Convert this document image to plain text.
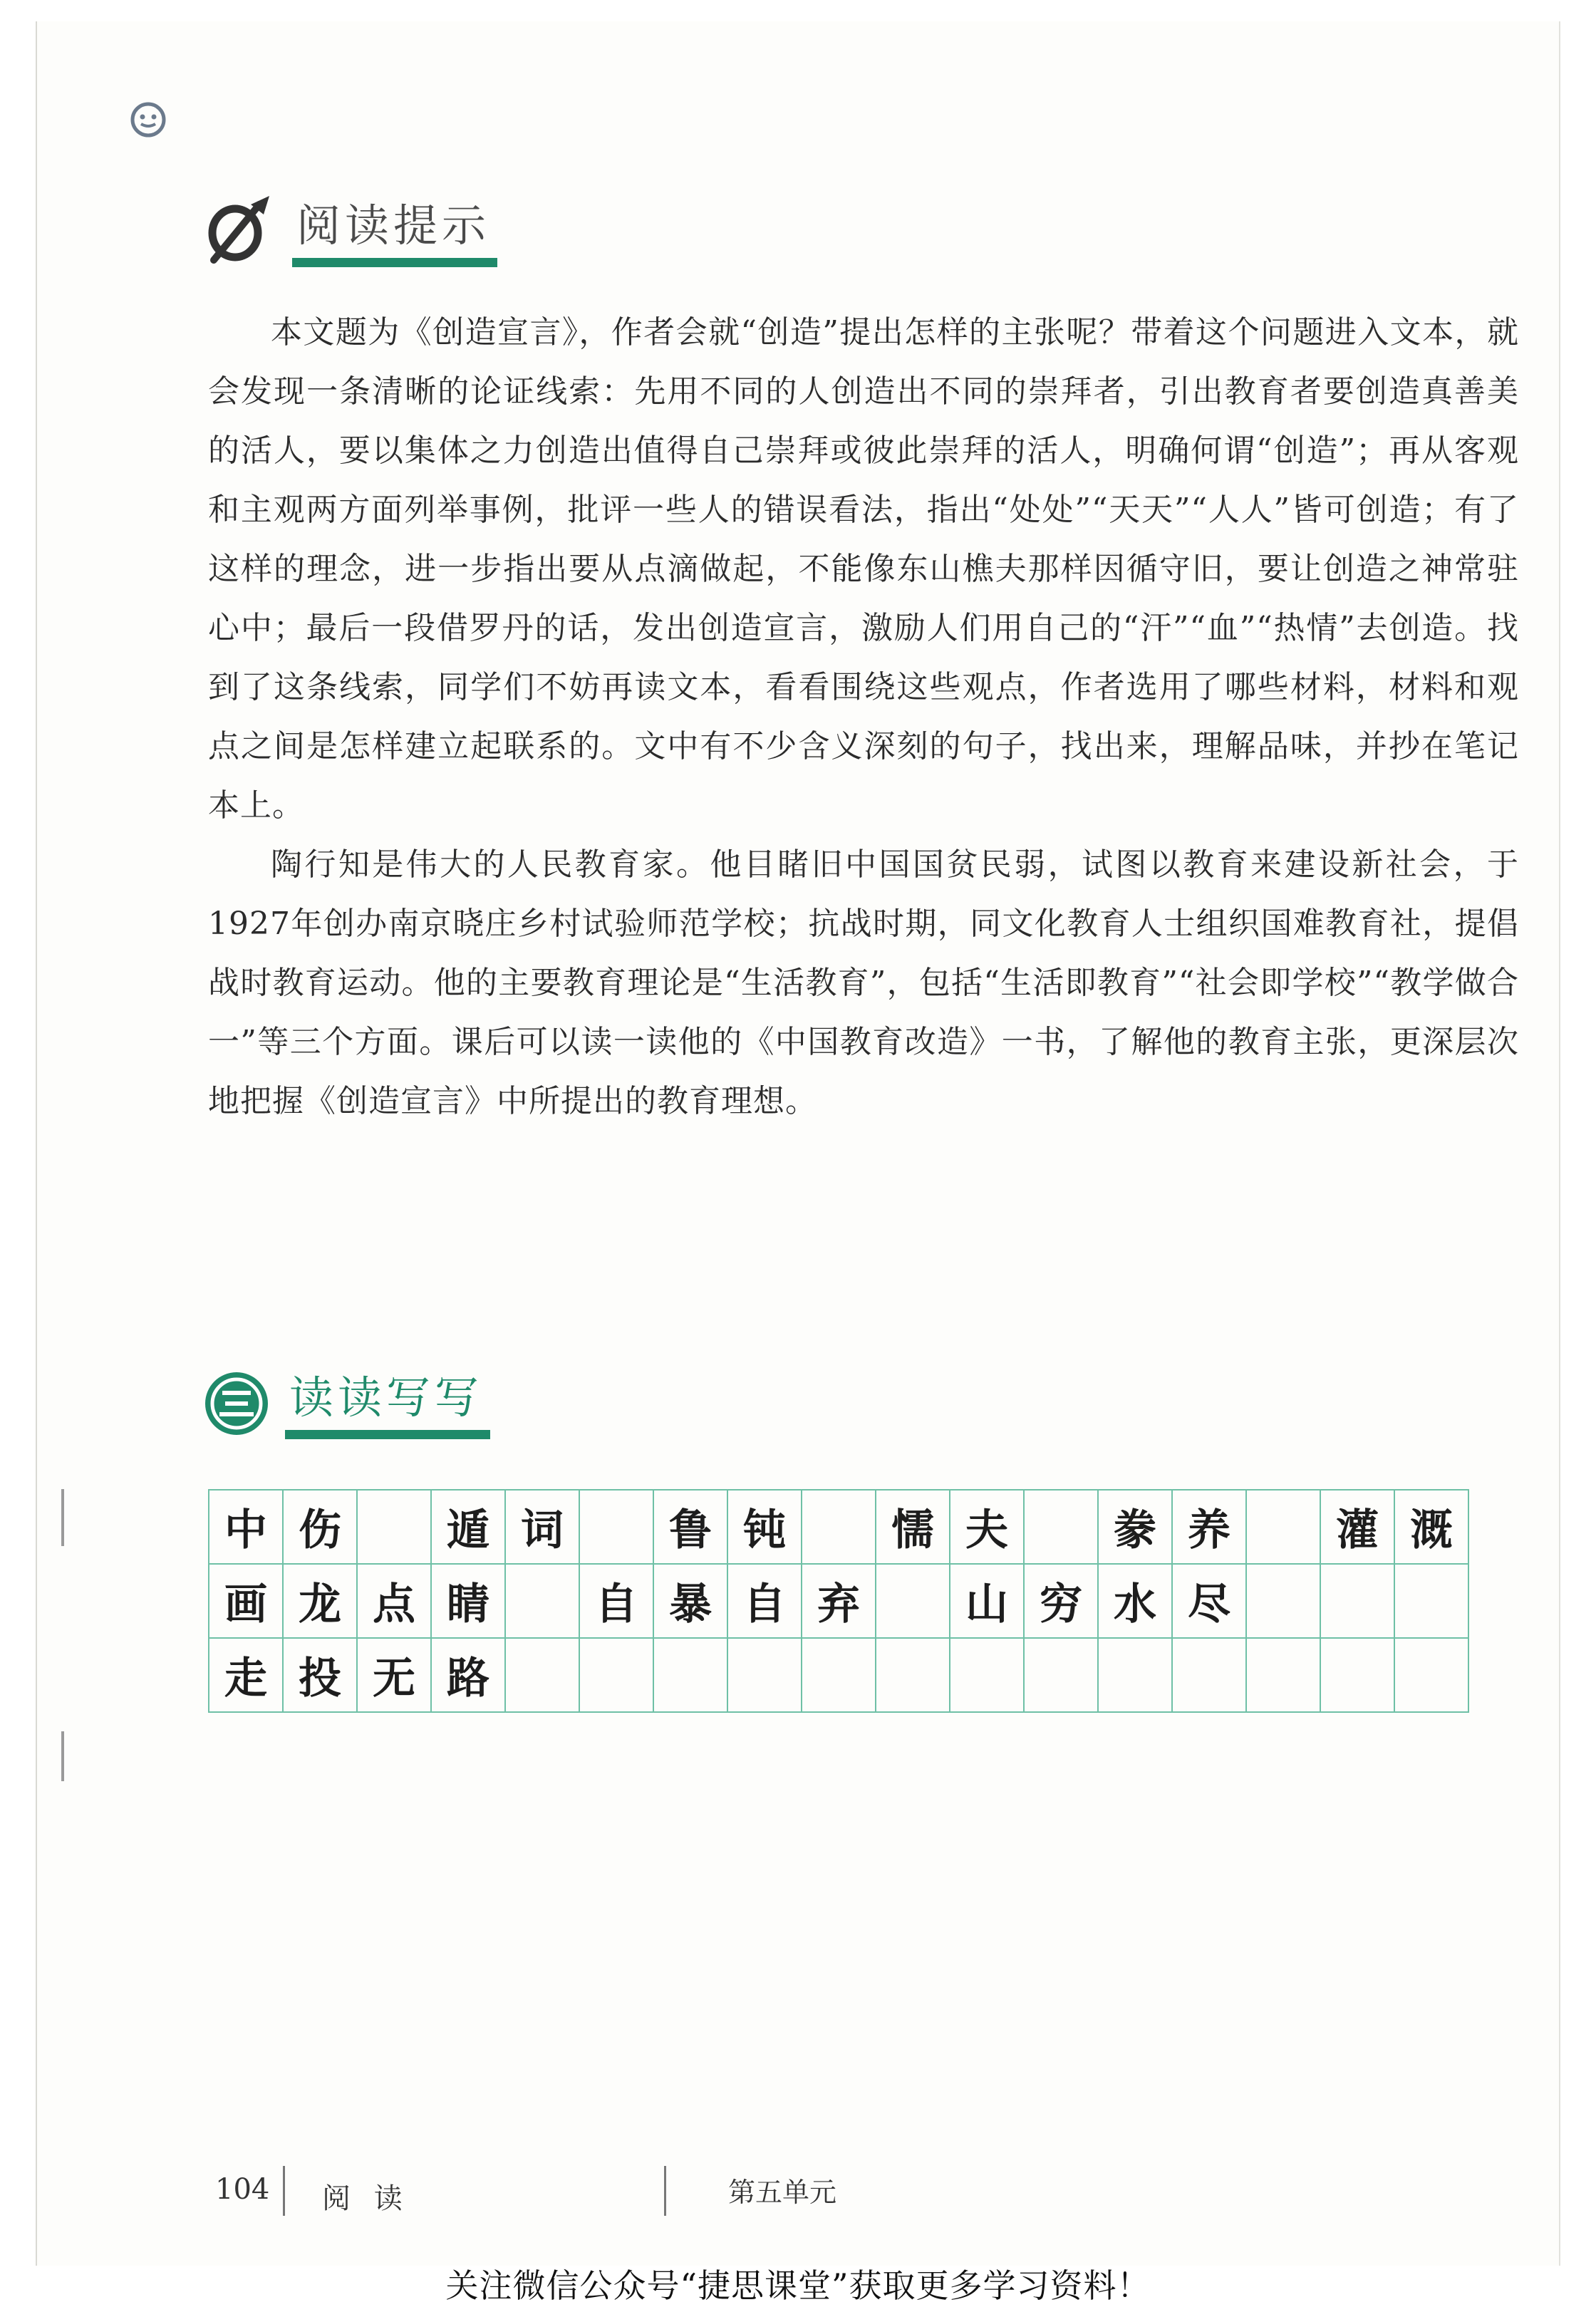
阅读提示

本文题为《创造宣言》，作者会就“创造”提出怎样的主张呢？带着这个问题进入文本，就会发现一条清晰的论证线索：先用不同的人创造出不同的崇拜者，引出教育者要创造真善美的活人，要以集体之力创造出值得自己崇拜或彼此崇拜的活人，明确何谓“创造”；再从客观和主观两方面列举事例，批评一些人的错误看法，指出“处处”“天天”“人人”皆可创造；有了这样的理念，进一步指出要从点滴做起，不能像东山樵夫那样因循守旧，要让创造之神常驻心中；最后一段借罗丹的话，发出创造宣言，激励人们用自己的“汗”“血”“热情”去创造。找到了这条线索，同学们不妨再读文本，看看围绕这些观点，作者选用了哪些材料，材料和观点之间是怎样建立起联系的。文中有不少含义深刻的句子，找出来，理解品味，并抄在笔记本上。

陶行知是伟大的人民教育家。他目睹旧中国国贫民弱，试图以教育来建设新社会，于1927年创办南京晓庄乡村试验师范学校；抗战时期，同文化教育人士组织国难教育社，提倡战时教育运动。他的主要教育理论是“生活教育”，包括“生活即教育”“社会即学校”“教学做合一”等三个方面。课后可以读一读他的《中国教育改造》一书，了解他的教育主张，更深层次地把握《创造宣言》中所提出的教育理想。

读读写写
中	伤		遁	词		鲁	钝		懦	夫		豢	养		灌	溉
画	龙	点	睛		自	暴	自	弃		山	穷	水	尽			
走	投	无	路													
104 阅 读	第五单元
关注微信公众号“捷思课堂”获取更多学习资料！
